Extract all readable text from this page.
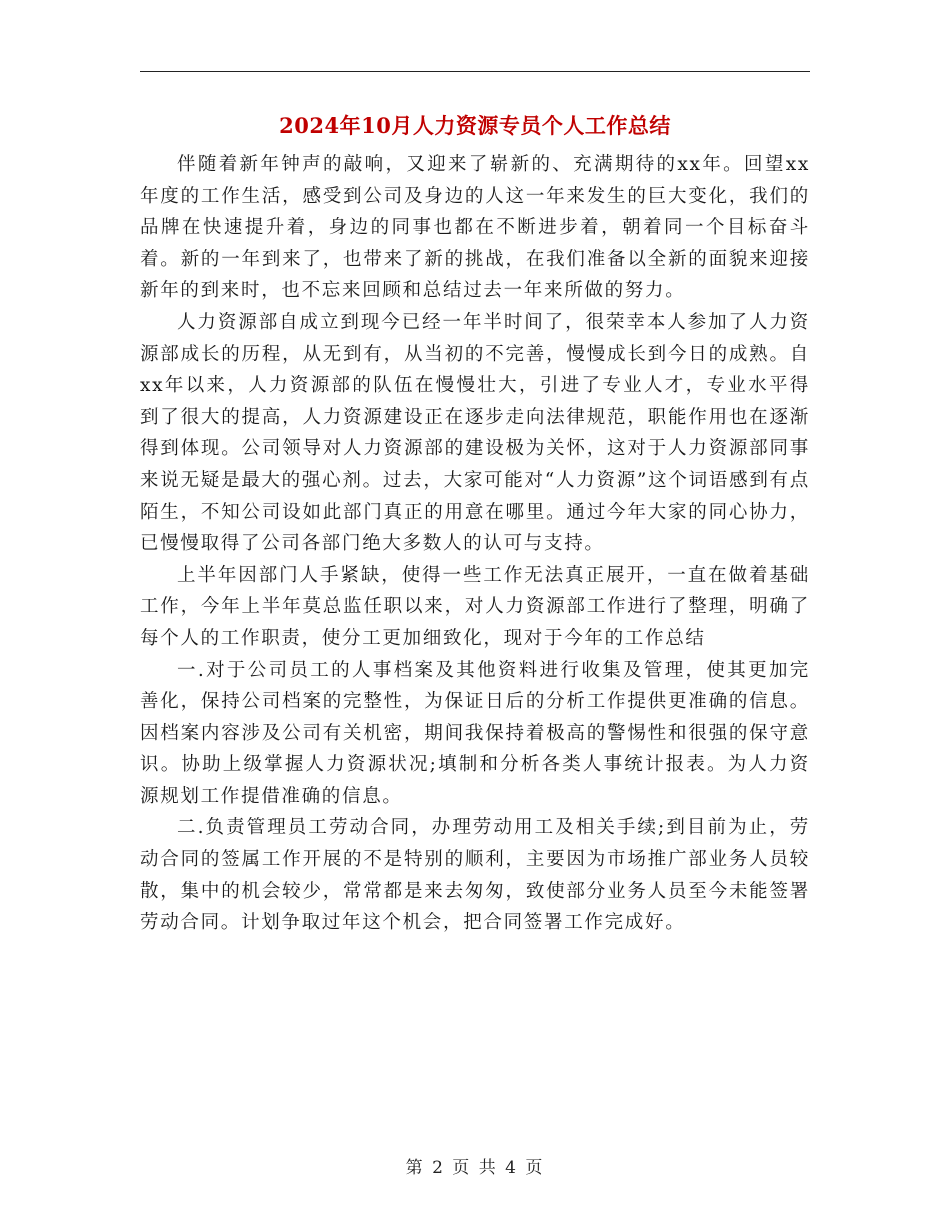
2024年10月人力资源专员个人工作总结

伴随着新年钟声的敲响，又迎来了崭新的、充满期待的xx年。回望xx年度的工作生活，感受到公司及身边的人这一年来发生的巨大变化，我们的品牌在快速提升着，身边的同事也都在不断进步着，朝着同一个目标奋斗着。新的一年到来了，也带来了新的挑战，在我们准备以全新的面貌来迎接新年的到来时，也不忘来回顾和总结过去一年来所做的努力。

人力资源部自成立到现今已经一年半时间了，很荣幸本人参加了人力资源部成长的历程，从无到有，从当初的不完善，慢慢成长到今日的成熟。自xx年以来，人力资源部的队伍在慢慢壮大，引进了专业人才，专业水平得到了很大的提高，人力资源建设正在逐步走向法律规范，职能作用也在逐渐得到体现。公司领导对人力资源部的建设极为关怀，这对于人力资源部同事来说无疑是最大的强心剂。过去，大家可能对“人力资源”这个词语感到有点陌生，不知公司设如此部门真正的用意在哪里。通过今年大家的同心协力，已慢慢取得了公司各部门绝大多数人的认可与支持。

上半年因部门人手紧缺，使得一些工作无法真正展开，一直在做着基础工作，今年上半年莫总监任职以来，对人力资源部工作进行了整理，明确了每个人的工作职责，使分工更加细致化，现对于今年的工作总结

一.对于公司员工的人事档案及其他资料进行收集及管理，使其更加完善化，保持公司档案的完整性，为保证日后的分析工作提供更准确的信息。因档案内容涉及公司有关机密，期间我保持着极高的警惕性和很强的保守意识。协助上级掌握人力资源状况;填制和分析各类人事统计报表。为人力资源规划工作提借准确的信息。

二.负责管理员工劳动合同，办理劳动用工及相关手续;到目前为止，劳动合同的签属工作开展的不是特别的顺利，主要因为市场推广部业务人员较散，集中的机会较少，常常都是来去匆匆，致使部分业务人员至今未能签署劳动合同。计划争取过年这个机会，把合同签署工作完成好。

第 2 页 共 4 页
